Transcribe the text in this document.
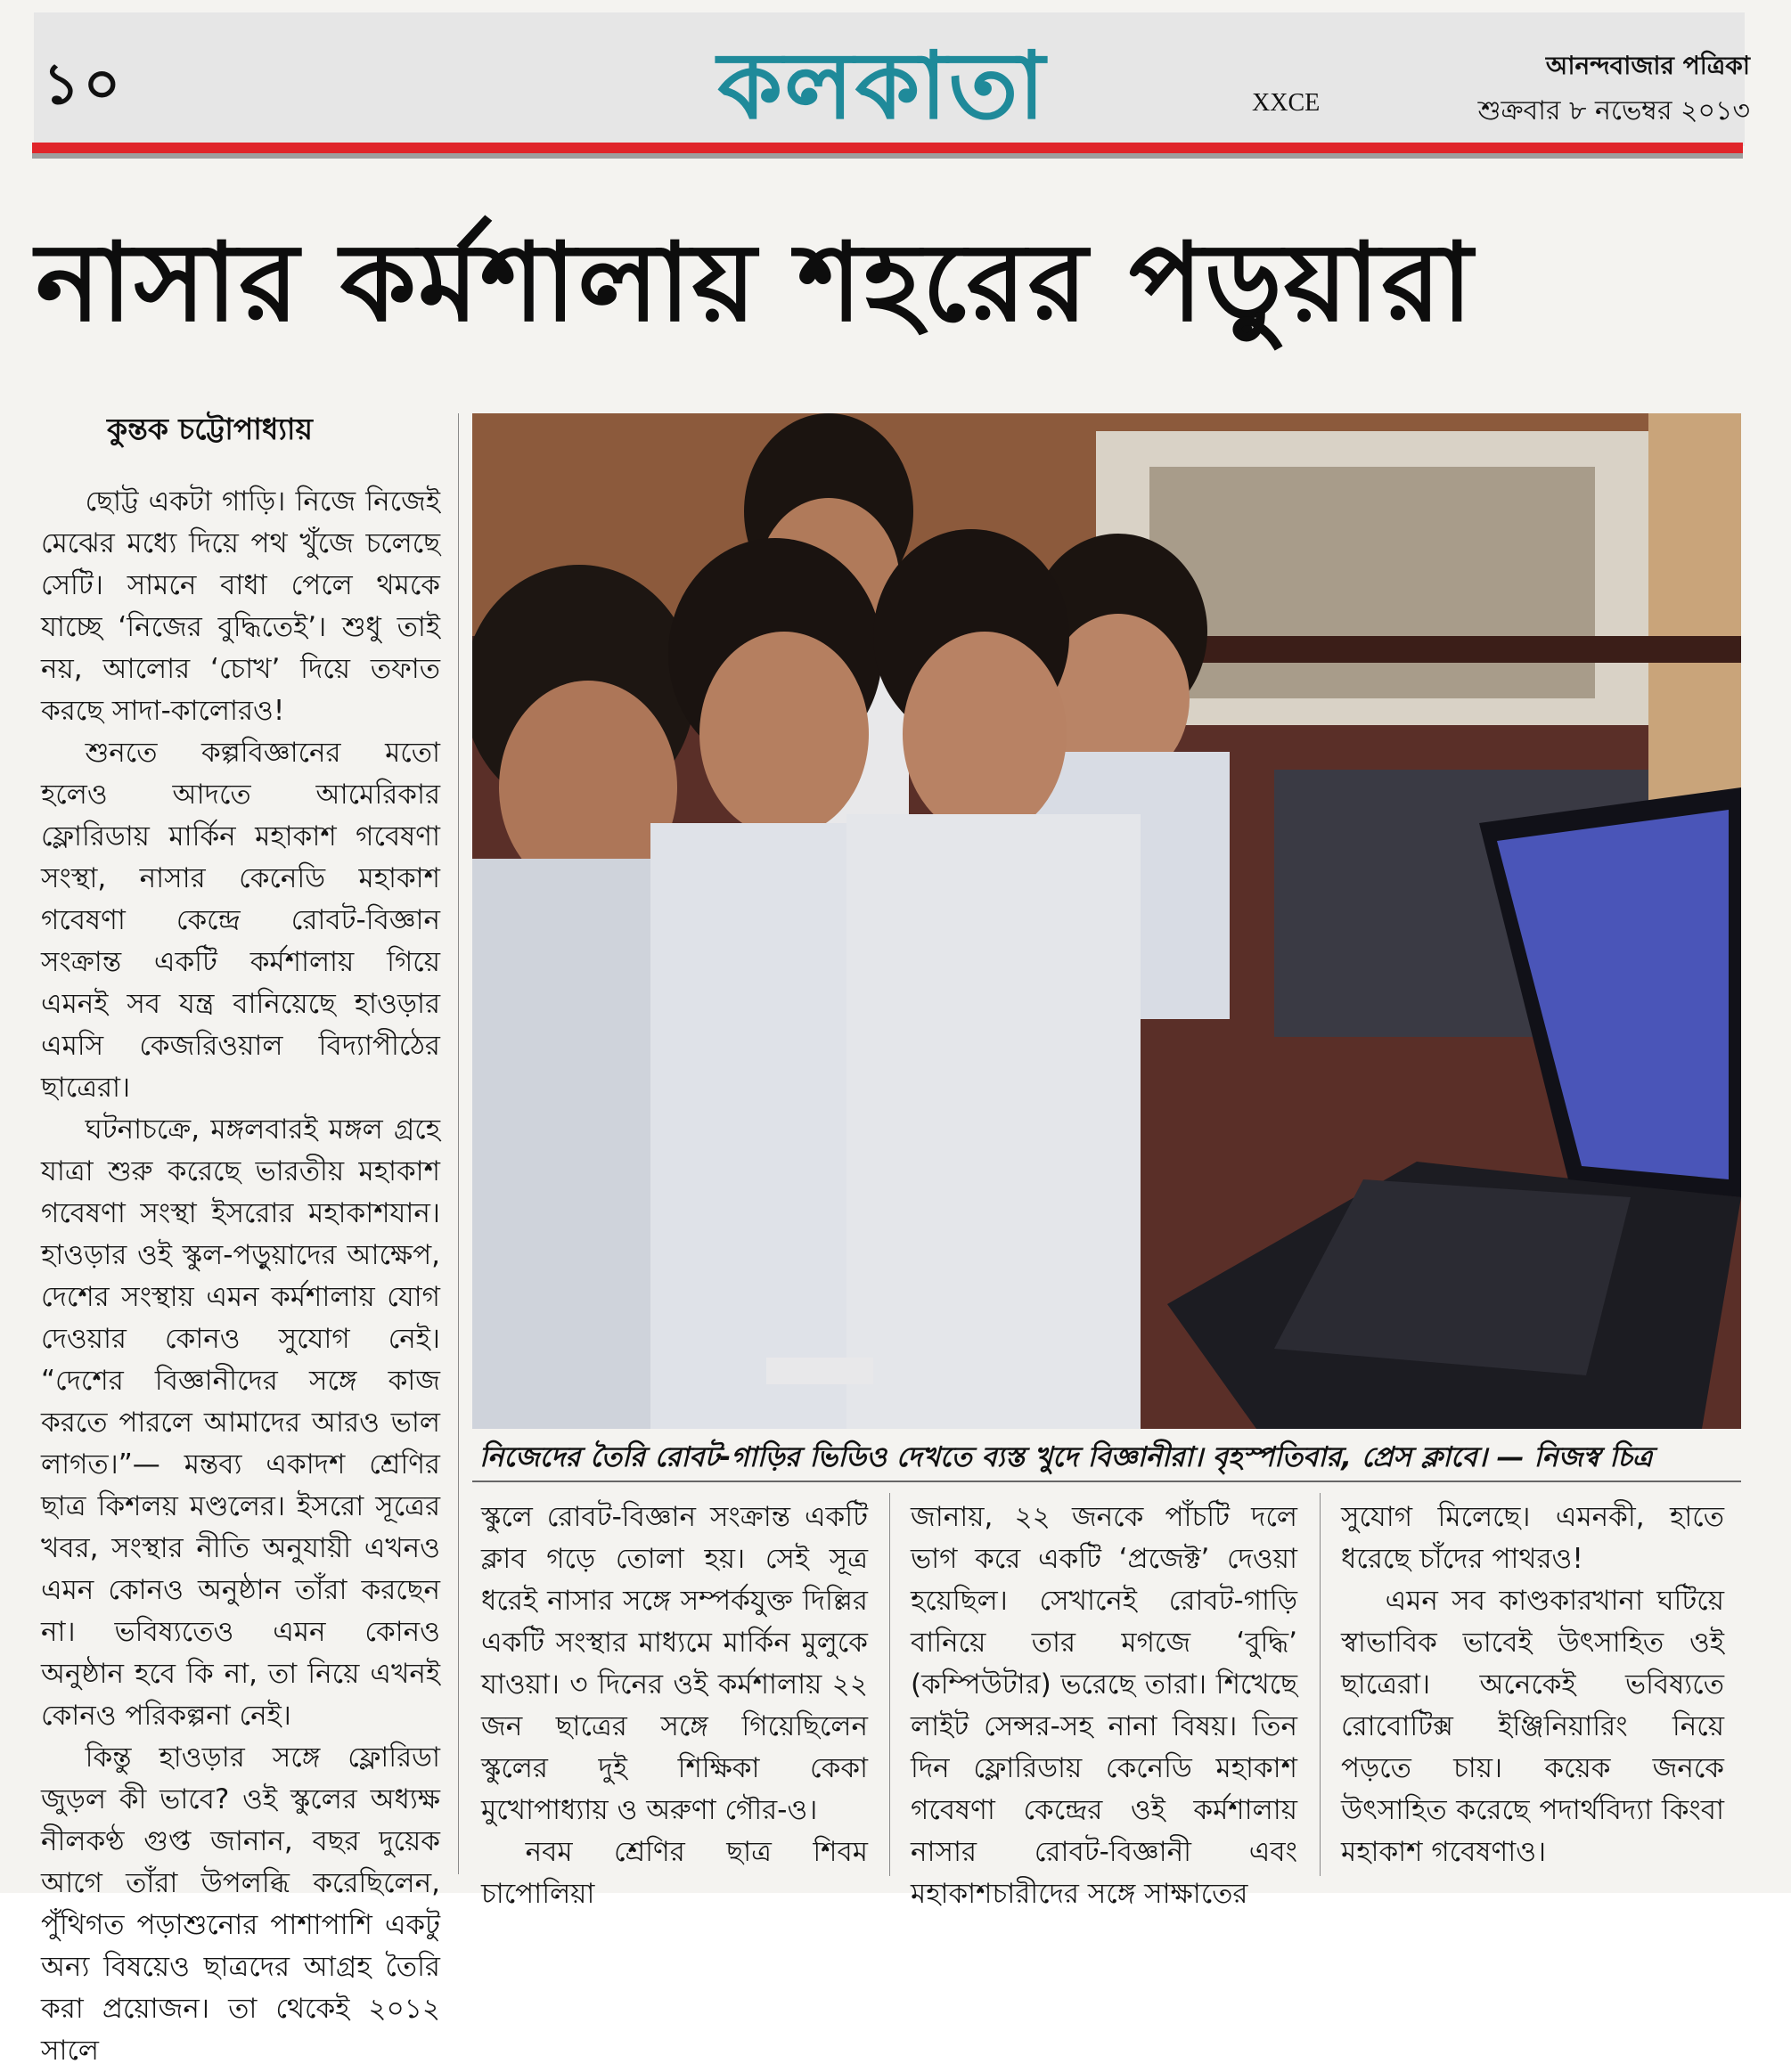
১০	কলকাতা	XXCE
আনন্দবাজার পত্রিকা
শুক্রবার ৮ নভেম্বর ২০১৩
নাসার কর্মশালায় শহরের পড়ুয়ারা
কুন্তক চট্টোপাধ্যায়

ছোট্ট একটা গাড়ি। নিজে নিজেই মেঝের মধ্যে দিয়ে পথ খুঁজে চলেছে সেটি। সামনে বাধা পেলে থমকে যাচ্ছে ‘নিজের বুদ্ধিতেই’। শুধু তাই নয়, আলোর ‘চোখ’ দিয়ে তফাত করছে সাদা-কালোরও!

শুনতে কল্পবিজ্ঞানের মতো হলেও আদতে আমেরিকার ফ্লোরিডায় মার্কিন মহাকাশ গবেষণা সংস্থা, নাসার কেনেডি মহাকাশ গবেষণা কেন্দ্রে রোবট-বিজ্ঞান সংক্রান্ত একটি কর্মশালায় গিয়ে এমনই সব যন্ত্র বানিয়েছে হাওড়ার এমসি কেজরিওয়াল বিদ্যাপীঠের ছাত্রেরা।

ঘটনাচক্রে, মঙ্গলবারই মঙ্গল গ্রহে যাত্রা শুরু করেছে ভারতীয় মহাকাশ গবেষণা সংস্থা ইসরোর মহাকাশযান। হাওড়ার ওই স্কুল-পড়ুয়াদের আক্ষেপ, দেশের সংস্থায় এমন কর্মশালায় যোগ দেওয়ার কোনও সুযোগ নেই। “দেশের বিজ্ঞানীদের সঙ্গে কাজ করতে পারলে আমাদের আরও ভাল লাগত।”— মন্তব্য একাদশ শ্রেণির ছাত্র কিশলয় মণ্ডলের। ইসরো সূত্রের খবর, সংস্থার নীতি অনুযায়ী এখনও এমন কোনও অনুষ্ঠান তাঁরা করছেন না। ভবিষ্যতেও এমন কোনও অনুষ্ঠান হবে কি না, তা নিয়ে এখনই কোনও পরিকল্পনা নেই।

কিন্তু হাওড়ার সঙ্গে ফ্লোরিডা জুড়ল কী ভাবে? ওই স্কুলের অধ্যক্ষ নীলকণ্ঠ গুপ্ত জানান, বছর দুয়েক আগে তাঁরা উপলব্ধি করেছিলেন, পুঁথিগত পড়াশুনোর পাশাপাশি একটু অন্য বিষয়েও ছাত্রদের আগ্রহ তৈরি করা প্রয়োজন। তা থেকেই ২০১২ সালে

নিজেদের তৈরি রোবট-গাড়ির ভিডিও দেখতে ব্যস্ত খুদে বিজ্ঞানীরা। বৃহস্পতিবার, প্রেস ক্লাবে। — নিজস্ব চিত্র

স্কুলে রোবট-বিজ্ঞান সংক্রান্ত একটি ক্লাব গড়ে তোলা হয়। সেই সূত্র ধরেই নাসার সঙ্গে সম্পর্কযুক্ত দিল্লির একটি সংস্থার মাধ্যমে মার্কিন মুলুকে যাওয়া। ৩ দিনের ওই কর্মশালায় ২২ জন ছাত্রের সঙ্গে গিয়েছিলেন স্কুলের দুই শিক্ষিকা কেকা মুখোপাধ্যায় ও অরুণা গৌর-ও।

নবম শ্রেণির ছাত্র শিবম চাপোলিয়া

জানায়, ২২ জনকে পাঁচটি দলে ভাগ করে একটি ‘প্রজেক্ট’ দেওয়া হয়েছিল। সেখানেই রোবট-গাড়ি বানিয়ে তার মগজে ‘বুদ্ধি’ (কম্পিউটার) ভরেছে তারা। শিখেছে লাইট সেন্সর-সহ নানা বিষয়। তিন দিন ফ্লোরিডায় কেনেডি মহাকাশ গবেষণা কেন্দ্রের ওই কর্মশালায় নাসার রোবট-বিজ্ঞানী এবং মহাকাশচারীদের সঙ্গে সাক্ষাতের

সুযোগ মিলেছে। এমনকী, হাতে ধরেছে চাঁদের পাথরও!

এমন সব কাণ্ডকারখানা ঘটিয়ে স্বাভাবিক ভাবেই উৎসাহিত ওই ছাত্রেরা। অনেকেই ভবিষ্যতে রোবোটিক্স ইঞ্জিনিয়ারিং নিয়ে পড়তে চায়। কয়েক জনকে উৎসাহিত করেছে পদার্থবিদ্যা কিংবা মহাকাশ গবেষণাও।
